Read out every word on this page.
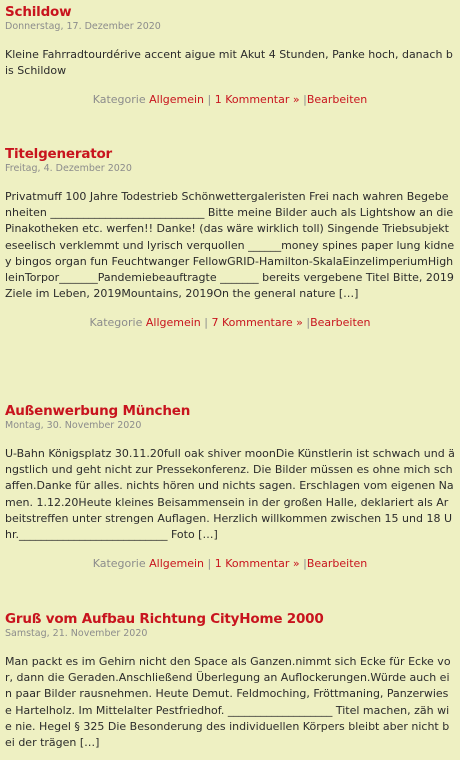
Schildow
Donnerstag, 17. Dezember 2020
Kleine Fahrradtourdérive accent aigue mit Akut 4 Stunden, Panke hoch, danach bis Schildow
Kategorie Allgemein | 1 Kommentar » |Bearbeiten
Titelgenerator
Freitag, 4. Dezember 2020
Privatmuff 100 Jahre Todestrieb Schönwettergaleristen Frei nach wahren Begebenheiten ____________________________ Bitte meine Bilder auch als Lightshow an die Pinakotheken etc. werfen!! Danke! (das wäre wirklich toll) Singende Triebsubjekteseelisch verklemmt und lyrisch verquollen ______money spines paper lung kidney bingos organ fun Feuchtwanger FellowGRID-Hamilton-SkalaEinzelimperiumHighleinTorpor_______Pandemiebeauftragte _______ bereits vergebene Titel Bitte, 2019Ziele im Leben, 2019Mountains, 2019On the general nature […]
Kategorie Allgemein | 7 Kommentare » |Bearbeiten
Außenwerbung München
Montag, 30. November 2020
U-Bahn Königsplatz 30.11.20full oak shiver moonDie Künstlerin ist schwach und ängstlich und geht nicht zur Pressekonferenz. Die Bilder müssen es ohne mich schaffen.Danke für alles. nichts hören und nichts sagen. Erschlagen vom eigenen Namen. 1.12.20Heute kleines Beisammensein in der großen Halle, deklariert als Arbeitstreffen unter strengen Auflagen. Herzlich willkommen zwischen 15 und 18 Uhr.___________________________ Foto […]
Kategorie Allgemein | 1 Kommentar » |Bearbeiten
Gruß vom Aufbau Richtung CityHome 2000
Samstag, 21. November 2020
Man packt es im Gehirn nicht den Space als Ganzen.nimmt sich Ecke für Ecke vor, dann die Geraden.Anschließend Überlegung an Auflockerungen.Würde auch ein paar Bilder rausnehmen. Heute Demut. Feldmoching, Fröttmaning, Panzerwiese Hartelholz. Im Mittelalter Pestfriedhof. ___________________ Titel machen, zäh wie nie. Hegel § 325 Die Besonderung des individuellen Körpers bleibt aber nicht bei der trägen […]
